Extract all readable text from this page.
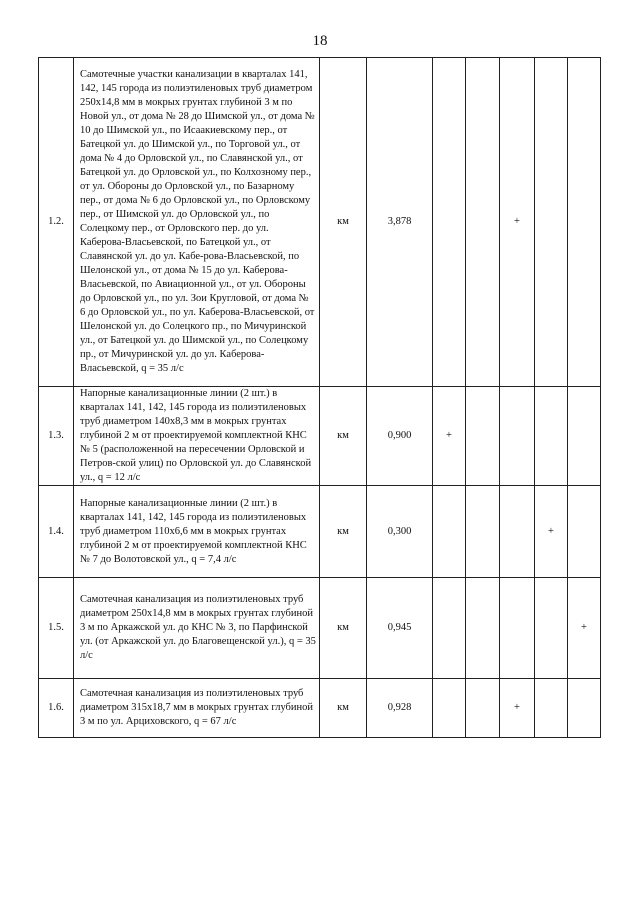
18
1.2.	Самотечные участки канализации в кварталах 141, 142, 145 города из полиэтиленовых труб диаметром 250х14,8 мм в мокрых грунтах глубиной 3 м по Новой ул., от дома № 28 до Шимской ул., от дома № 10 до Шимской ул., по Исаакиевскому пер., от Батецкой ул. до Шимской ул., по Торговой ул., от дома № 4 до Орловской ул., по Славянской ул., от Батецкой ул. до Орловской ул., по Колхозному пер., от ул. Обороны до Орловской ул., по Базарному пер., от дома № 6 до Орловской ул., по Орловскому пер., от Шимской ул. до Орловской ул., по Солецкому пер., от Орловского пер. до ул. Каберова-Власьевской, по Батецкой ул., от Славянской ул. до ул. Кабе-рова-Власьевской, по Шелонской ул., от дома № 15 до ул. Каберова-Власьевской, по Авиационной ул., от ул. Обороны до Орловской ул., по ул. Зои Кругловой, от дома № 6 до Орловской ул., по ул. Каберова-Власьевской, от Шелонской ул. до Солецкого пр., по Мичуринской ул., от Батецкой ул. до Шимской ул., по Солецкому пр., от Мичуринской ул. до ул. Каберова-Власьевской, q = 35 л/с	км	3,878			+		
1.3.	Напорные канализационные линии (2 шт.) в кварталах 141, 142, 145 города из полиэтиленовых труб диаметром 140х8,3 мм в мокрых грунтах глубиной 2 м от проектируемой комплектной КНС № 5 (расположенной на пересечении Орловской и Петров-ской улиц) по Орловской ул. до Славянской ул., q = 12 л/с	км	0,900	+				
1.4.	Напорные канализационные линии (2 шт.) в кварталах 141, 142, 145 города из полиэтиленовых труб диаметром 110х6,6 мм в мокрых грунтах глубиной 2 м от проектируемой комплектной КНС № 7 до Волотовской ул., q = 7,4 л/с	км	0,300				+	
1.5.	Самотечная канализация из полиэтиленовых труб диаметром 250х14,8 мм в мокрых грунтах глубиной 3 м по Аркажской ул. до КНС № 3, по Парфинской ул. (от Аркажской ул. до Благовещенской ул.), q = 35 л/с	км	0,945					+
1.6.	Самотечная канализация из полиэтиленовых труб диаметром 315х18,7 мм в мокрых грунтах глубиной 3 м по ул. Арциховского, q = 67 л/с	км	0,928			+		
